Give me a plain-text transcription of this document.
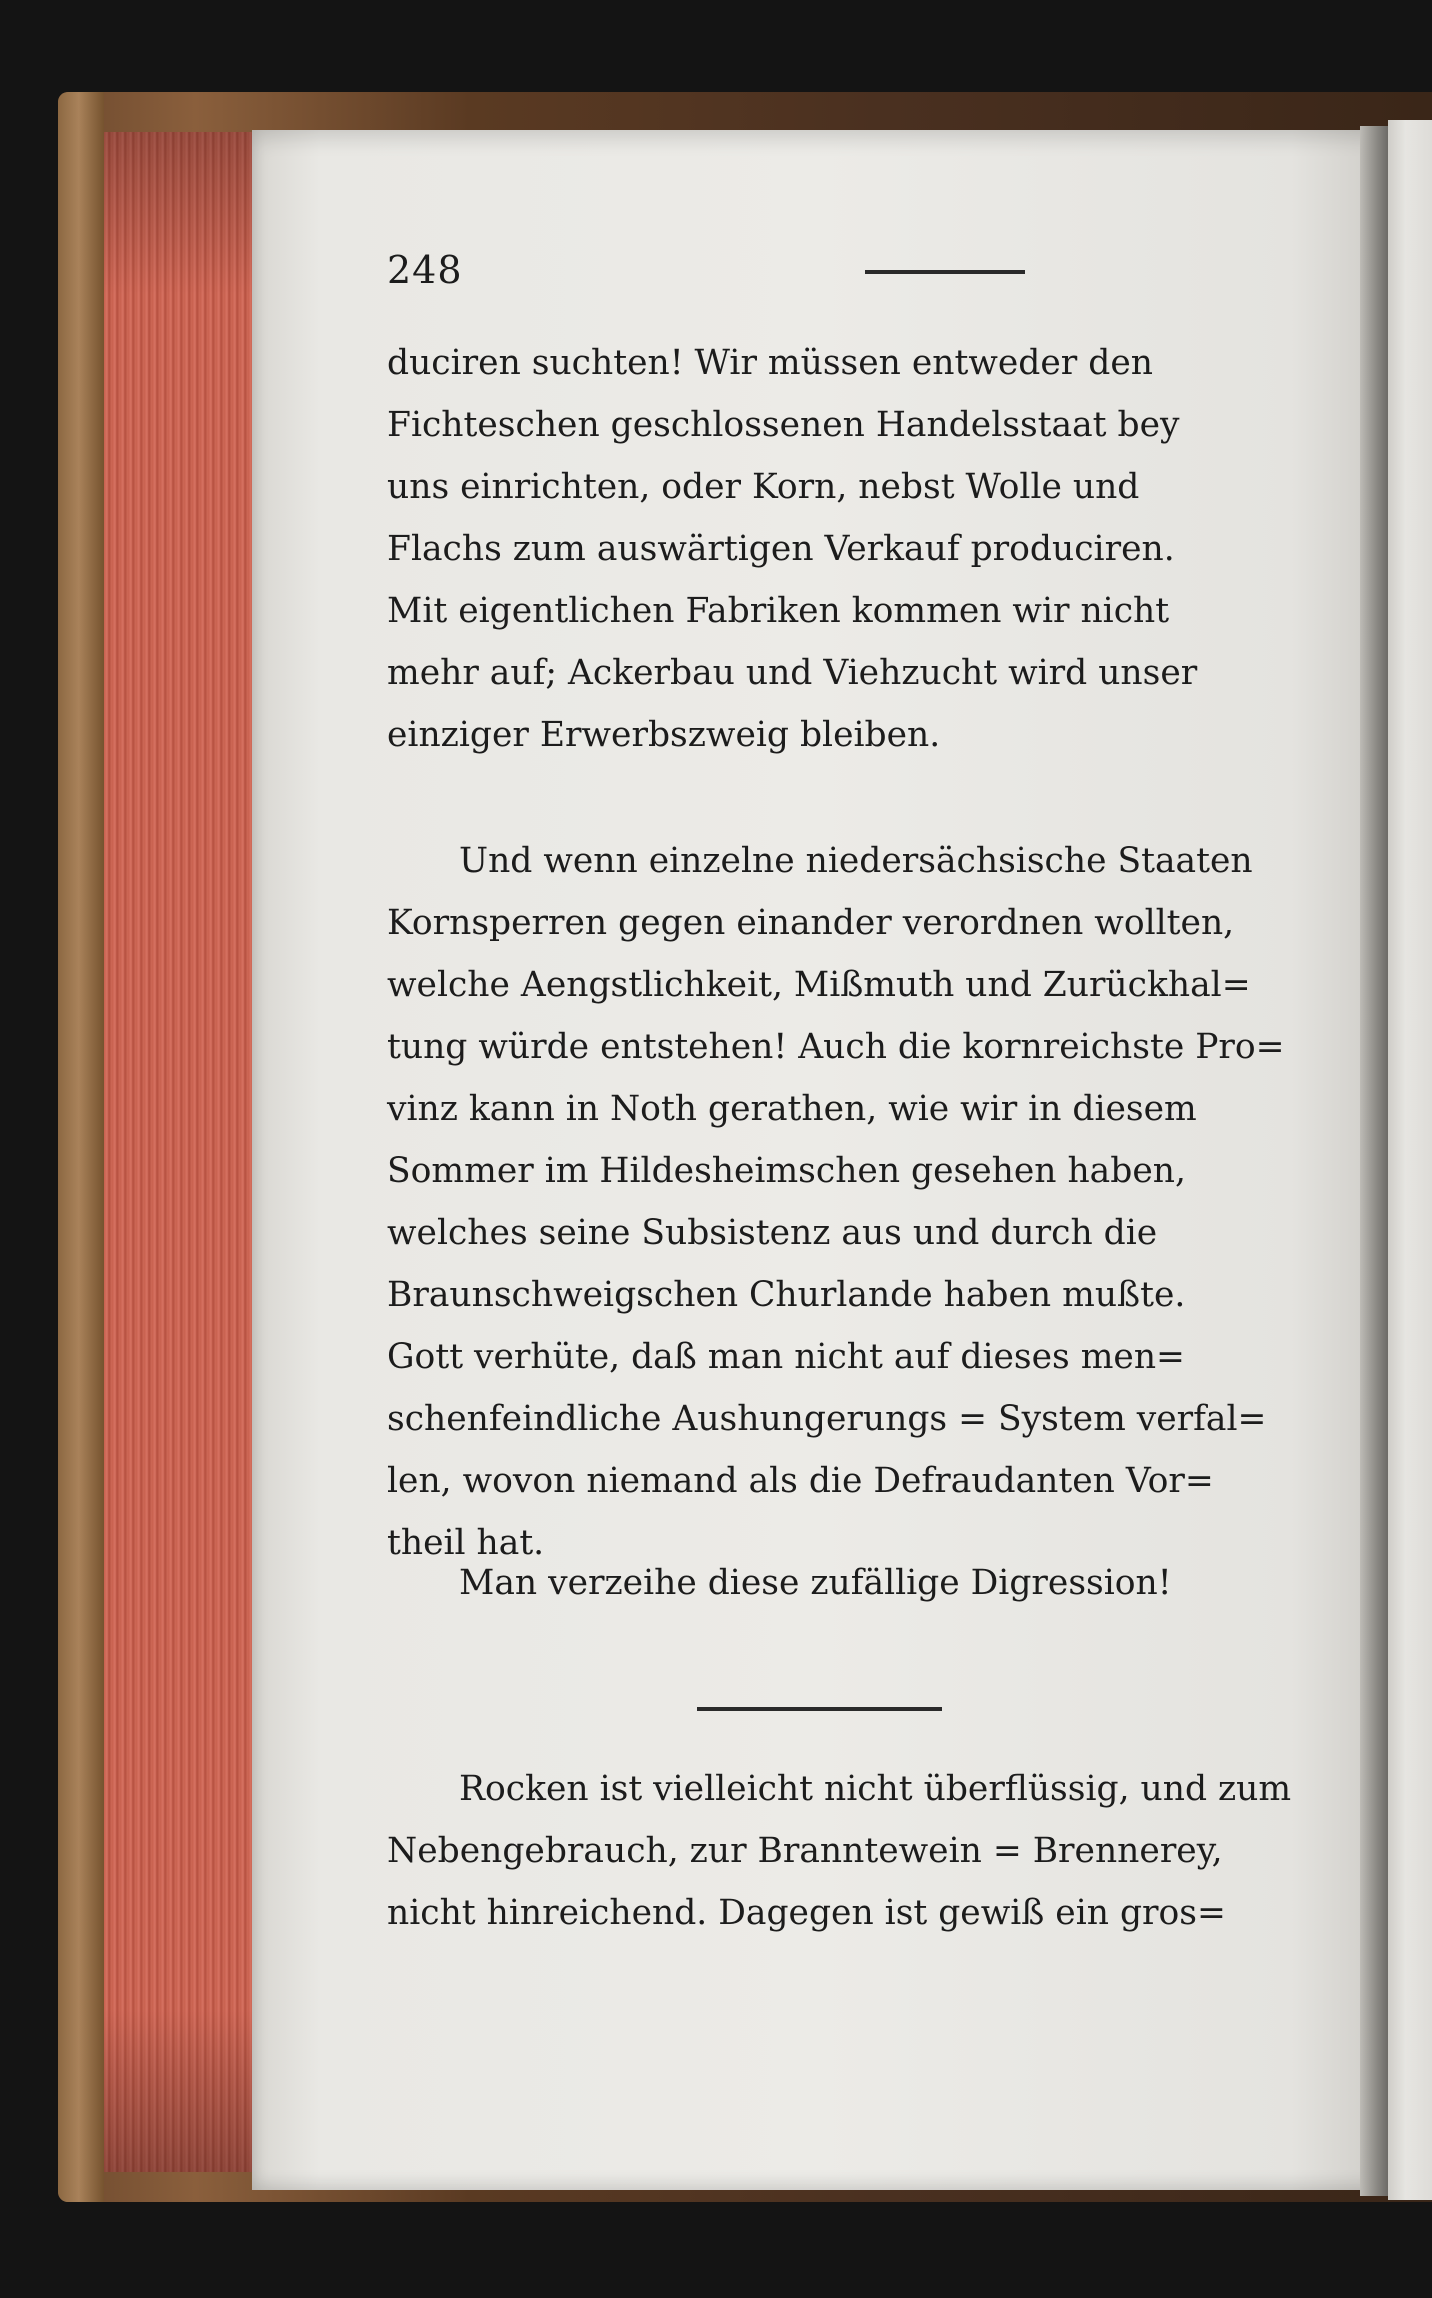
248
duciren suchten! Wir müssen entweder den
Fichteschen geschlossenen Handelsstaat bey
uns einrichten, oder Korn, nebst Wolle und
Flachs zum auswärtigen Verkauf produciren.
Mit eigentlichen Fabriken kommen wir nicht
mehr auf; Ackerbau und Viehzucht wird unser
einziger Erwerbszweig bleiben.
Und wenn einzelne niedersächsische Staaten
Kornsperren gegen einander verordnen wollten,
welche Aengstlichkeit, Mißmuth und Zurückhal=
tung würde entstehen! Auch die kornreichste Pro=
vinz kann in Noth gerathen, wie wir in diesem
Sommer im Hildesheimschen gesehen haben,
welches seine Subsistenz aus und durch die
Braunschweigschen Churlande haben mußte.
Gott verhüte, daß man nicht auf dieses men=
schenfeindliche Aushungerungs = System verfal=
len, wovon niemand als die Defraudanten Vor=
theil hat.
Man verzeihe diese zufällige Digression!
Rocken ist vielleicht nicht überflüssig, und zum
Nebengebrauch, zur Branntewein = Brennerey,
nicht hinreichend. Dagegen ist gewiß ein gros=
